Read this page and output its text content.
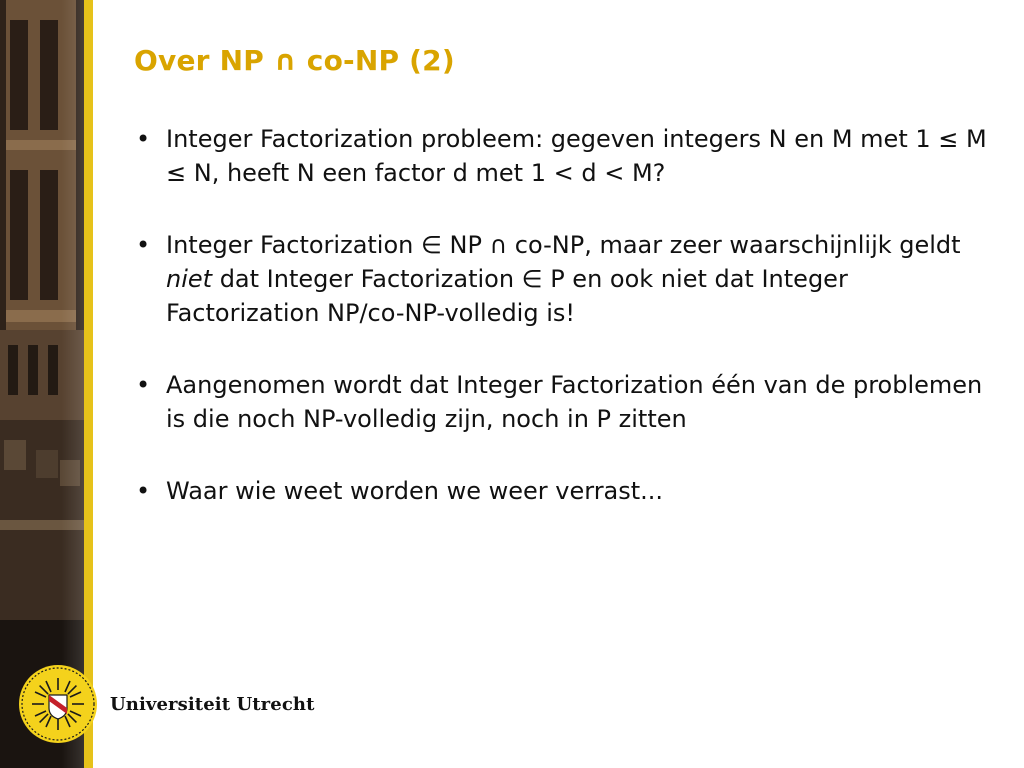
Over NP ∩ co-NP (2)
• Integer Factorization probleem: gegeven integers N en M met 1 ≤ M ≤ N, heeft N een factor d met 1 < d < M?
• Integer Factorization ∈ NP ∩ co-NP, maar zeer waarschijnlijk geldt niet dat Integer Factorization ∈ P en ook niet dat Integer Factorization NP/co-NP-volledig is!
• Aangenomen wordt dat Integer Factorization één van de problemen is die noch NP-volledig zijn, noch in P zitten
• Waar wie weet worden we weer verrast...
Universiteit Utrecht
